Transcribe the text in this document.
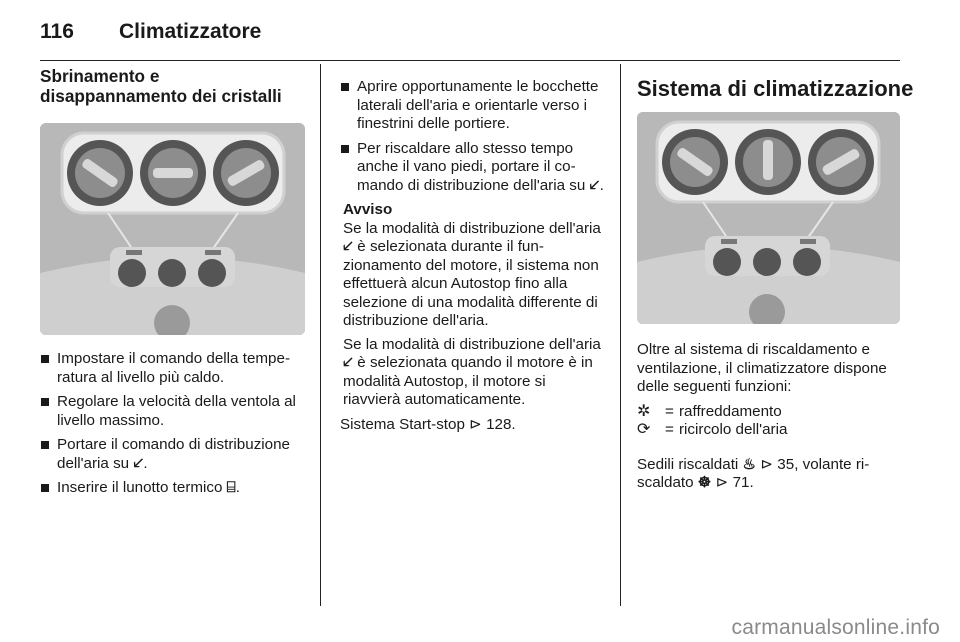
116 Climatizzatore
Sbrinamento e
disappannamento dei cristalli
Impostare il comando della temperatura al livello più caldo.
Regolare la velocità della ventola al livello massimo.
Portare il comando di distribuzione dell'aria su 🡗.
Inserire il lunotto termico ⌸.
Aprire opportunamente le bocchette laterali dell'aria e orientarle verso i finestrini delle portiere.
Per riscaldare allo stesso tempo anche il vano piedi, portare il comando di distribuzione dell'aria su 🡗.
Avviso
Se la modalità di distribuzione dell'aria 🡗 è selezionata durante il funzionamento del motore, il sistema non effettuerà alcun Autostop fino alla selezione di una modalità differente di distribuzione dell'aria.
Se la modalità di distribuzione dell'aria 🡗 è selezionata quando il motore è in modalità Autostop, il motore si riavvierà automaticamente.
Sistema Start-stop ⊳ 128.
Sistema di climatizzazione

Oltre al sistema di riscaldamento e ventilazione, il climatizzatore dispone delle seguenti funzioni:

✲ = raffreddamento
⟳ = ricircolo dell'aria

Sedili riscaldati ♨ ⊳ 35, volante riscaldato ☸ ⊳ 71.

carmanualsonline.info
